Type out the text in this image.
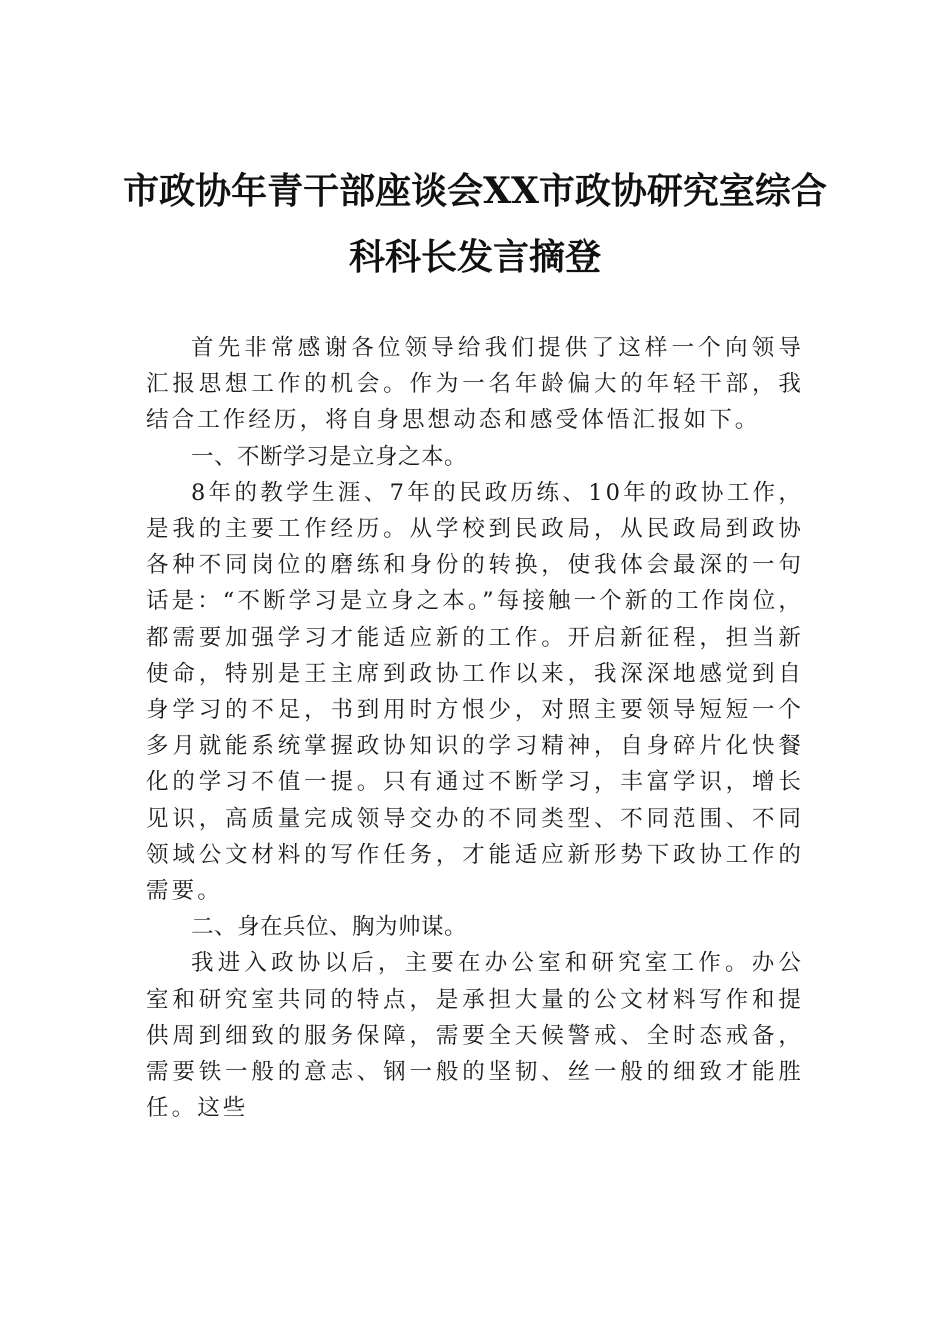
市政协年青干部座谈会XX市政协研究室综合科科长发言摘登

首先非常感谢各位领导给我们提供了这样一个向领导汇报思想工作的机会。作为一名年龄偏大的年轻干部，我结合工作经历，将自身思想动态和感受体悟汇报如下。

一、不断学习是立身之本。

8年的教学生涯、7年的民政历练、10年的政协工作，是我的主要工作经历。从学校到民政局，从民政局到政协各种不同岗位的磨练和身份的转换，使我体会最深的一句话是：“不断学习是立身之本。”每接触一个新的工作岗位，都需要加强学习才能适应新的工作。开启新征程，担当新使命，特别是王主席到政协工作以来，我深深地感觉到自身学习的不足，书到用时方恨少，对照主要领导短短一个多月就能系统掌握政协知识的学习精神，自身碎片化快餐化的学习不值一提。只有通过不断学习，丰富学识，增长见识，高质量完成领导交办的不同类型、不同范围、不同领域公文材料的写作任务，才能适应新形势下政协工作的需要。

二、身在兵位、胸为帅谋。

我进入政协以后，主要在办公室和研究室工作。办公室和研究室共同的特点，是承担大量的公文材料写作和提供周到细致的服务保障，需要全天候警戒、全时态戒备，需要铁一般的意志、钢一般的坚韧、丝一般的细致才能胜任。这些
